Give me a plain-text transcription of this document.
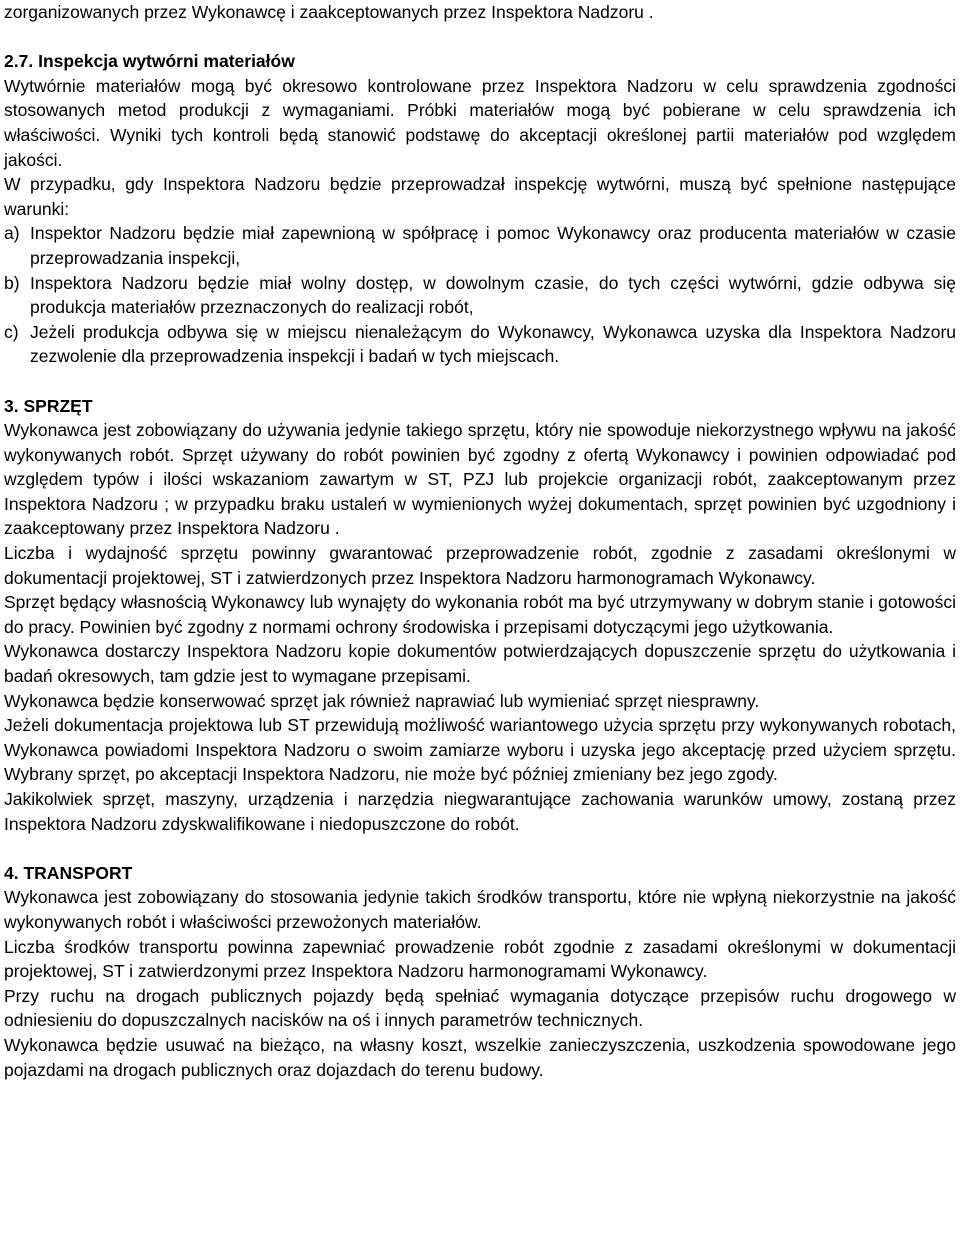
zorganizowanych przez Wykonawcę i zaakceptowanych przez Inspektora Nadzoru .

2.7. Inspekcja wytwórni materiałów

Wytwórnie materiałów mogą być okresowo kontrolowane przez Inspektora Nadzoru w celu sprawdzenia zgodności stosowanych metod produkcji z wymaganiami. Próbki materiałów mogą być pobierane w celu sprawdzenia ich właściwości. Wyniki tych kontroli będą stanowić podstawę do akceptacji określonej partii materiałów pod względem jakości.

W przypadku, gdy Inspektora Nadzoru będzie przeprowadzał inspekcję wytwórni, muszą być spełnione następujące warunki:

a) Inspektor Nadzoru będzie miał zapewnioną w spółpracę i pomoc Wykonawcy oraz producenta materiałów w czasie przeprowadzania inspekcji,

b) Inspektora Nadzoru będzie miał wolny dostęp, w dowolnym czasie, do tych części wytwórni, gdzie odbywa się produkcja materiałów przeznaczonych do realizacji robót,

c) Jeżeli produkcja odbywa się w miejscu nienależącym do Wykonawcy, Wykonawca uzyska dla Inspektora Nadzoru zezwolenie dla przeprowadzenia inspekcji i badań w tych miejscach.

3. SPRZĘT

Wykonawca jest zobowiązany do używania jedynie takiego sprzętu, który nie spowoduje niekorzystnego wpływu na jakość wykonywanych robót. Sprzęt używany do robót powinien być zgodny z ofertą Wykonawcy i powinien odpowiadać pod względem typów i ilości wskazaniom zawartym w ST, PZJ lub projekcie organizacji robót, zaakceptowanym przez Inspektora Nadzoru ; w przypadku braku ustaleń w wymienionych wyżej dokumentach, sprzęt powinien być uzgodniony i zaakceptowany przez Inspektora Nadzoru .

Liczba i wydajność sprzętu powinny gwarantować przeprowadzenie robót, zgodnie z zasadami określonymi w dokumentacji projektowej, ST i zatwierdzonych przez Inspektora Nadzoru harmonogramach Wykonawcy.

Sprzęt będący własnością Wykonawcy lub wynajęty do wykonania robót ma być utrzymywany w dobrym stanie i gotowości do pracy. Powinien być zgodny z normami ochrony środowiska i przepisami dotyczącymi jego użytkowania.

Wykonawca dostarczy Inspektora Nadzoru kopie dokumentów potwierdzających dopuszczenie sprzętu do użytkowania i badań okresowych, tam gdzie jest to wymagane przepisami.

Wykonawca będzie konserwować sprzęt jak również naprawiać lub wymieniać sprzęt niesprawny.

Jeżeli dokumentacja projektowa lub ST przewidują możliwość wariantowego użycia sprzętu przy wykonywanych robotach, Wykonawca powiadomi Inspektora Nadzoru o swoim zamiarze wyboru i uzyska jego akceptację przed użyciem sprzętu. Wybrany sprzęt, po akceptacji Inspektora Nadzoru, nie może być później zmieniany bez jego zgody.

Jakikolwiek sprzęt, maszyny, urządzenia i narzędzia niegwarantujące zachowania warunków umowy, zostaną przez Inspektora Nadzoru zdyskwalifikowane i niedopuszczone do robót.

4. TRANSPORT

Wykonawca jest zobowiązany do stosowania jedynie takich środków transportu, które nie wpłyną niekorzystnie na jakość wykonywanych robót i właściwości przewożonych materiałów.

Liczba środków transportu powinna zapewniać prowadzenie robót zgodnie z zasadami określonymi w dokumentacji projektowej, ST i zatwierdzonymi przez Inspektora Nadzoru harmonogramami Wykonawcy.

Przy ruchu na drogach publicznych pojazdy będą spełniać wymagania dotyczące przepisów ruchu drogowego w odniesieniu do dopuszczalnych nacisków na oś i innych parametrów technicznych.

Wykonawca będzie usuwać na bieżąco, na własny koszt, wszelkie zanieczyszczenia, uszkodzenia spowodowane jego pojazdami na drogach publicznych oraz dojazdach do terenu budowy.
